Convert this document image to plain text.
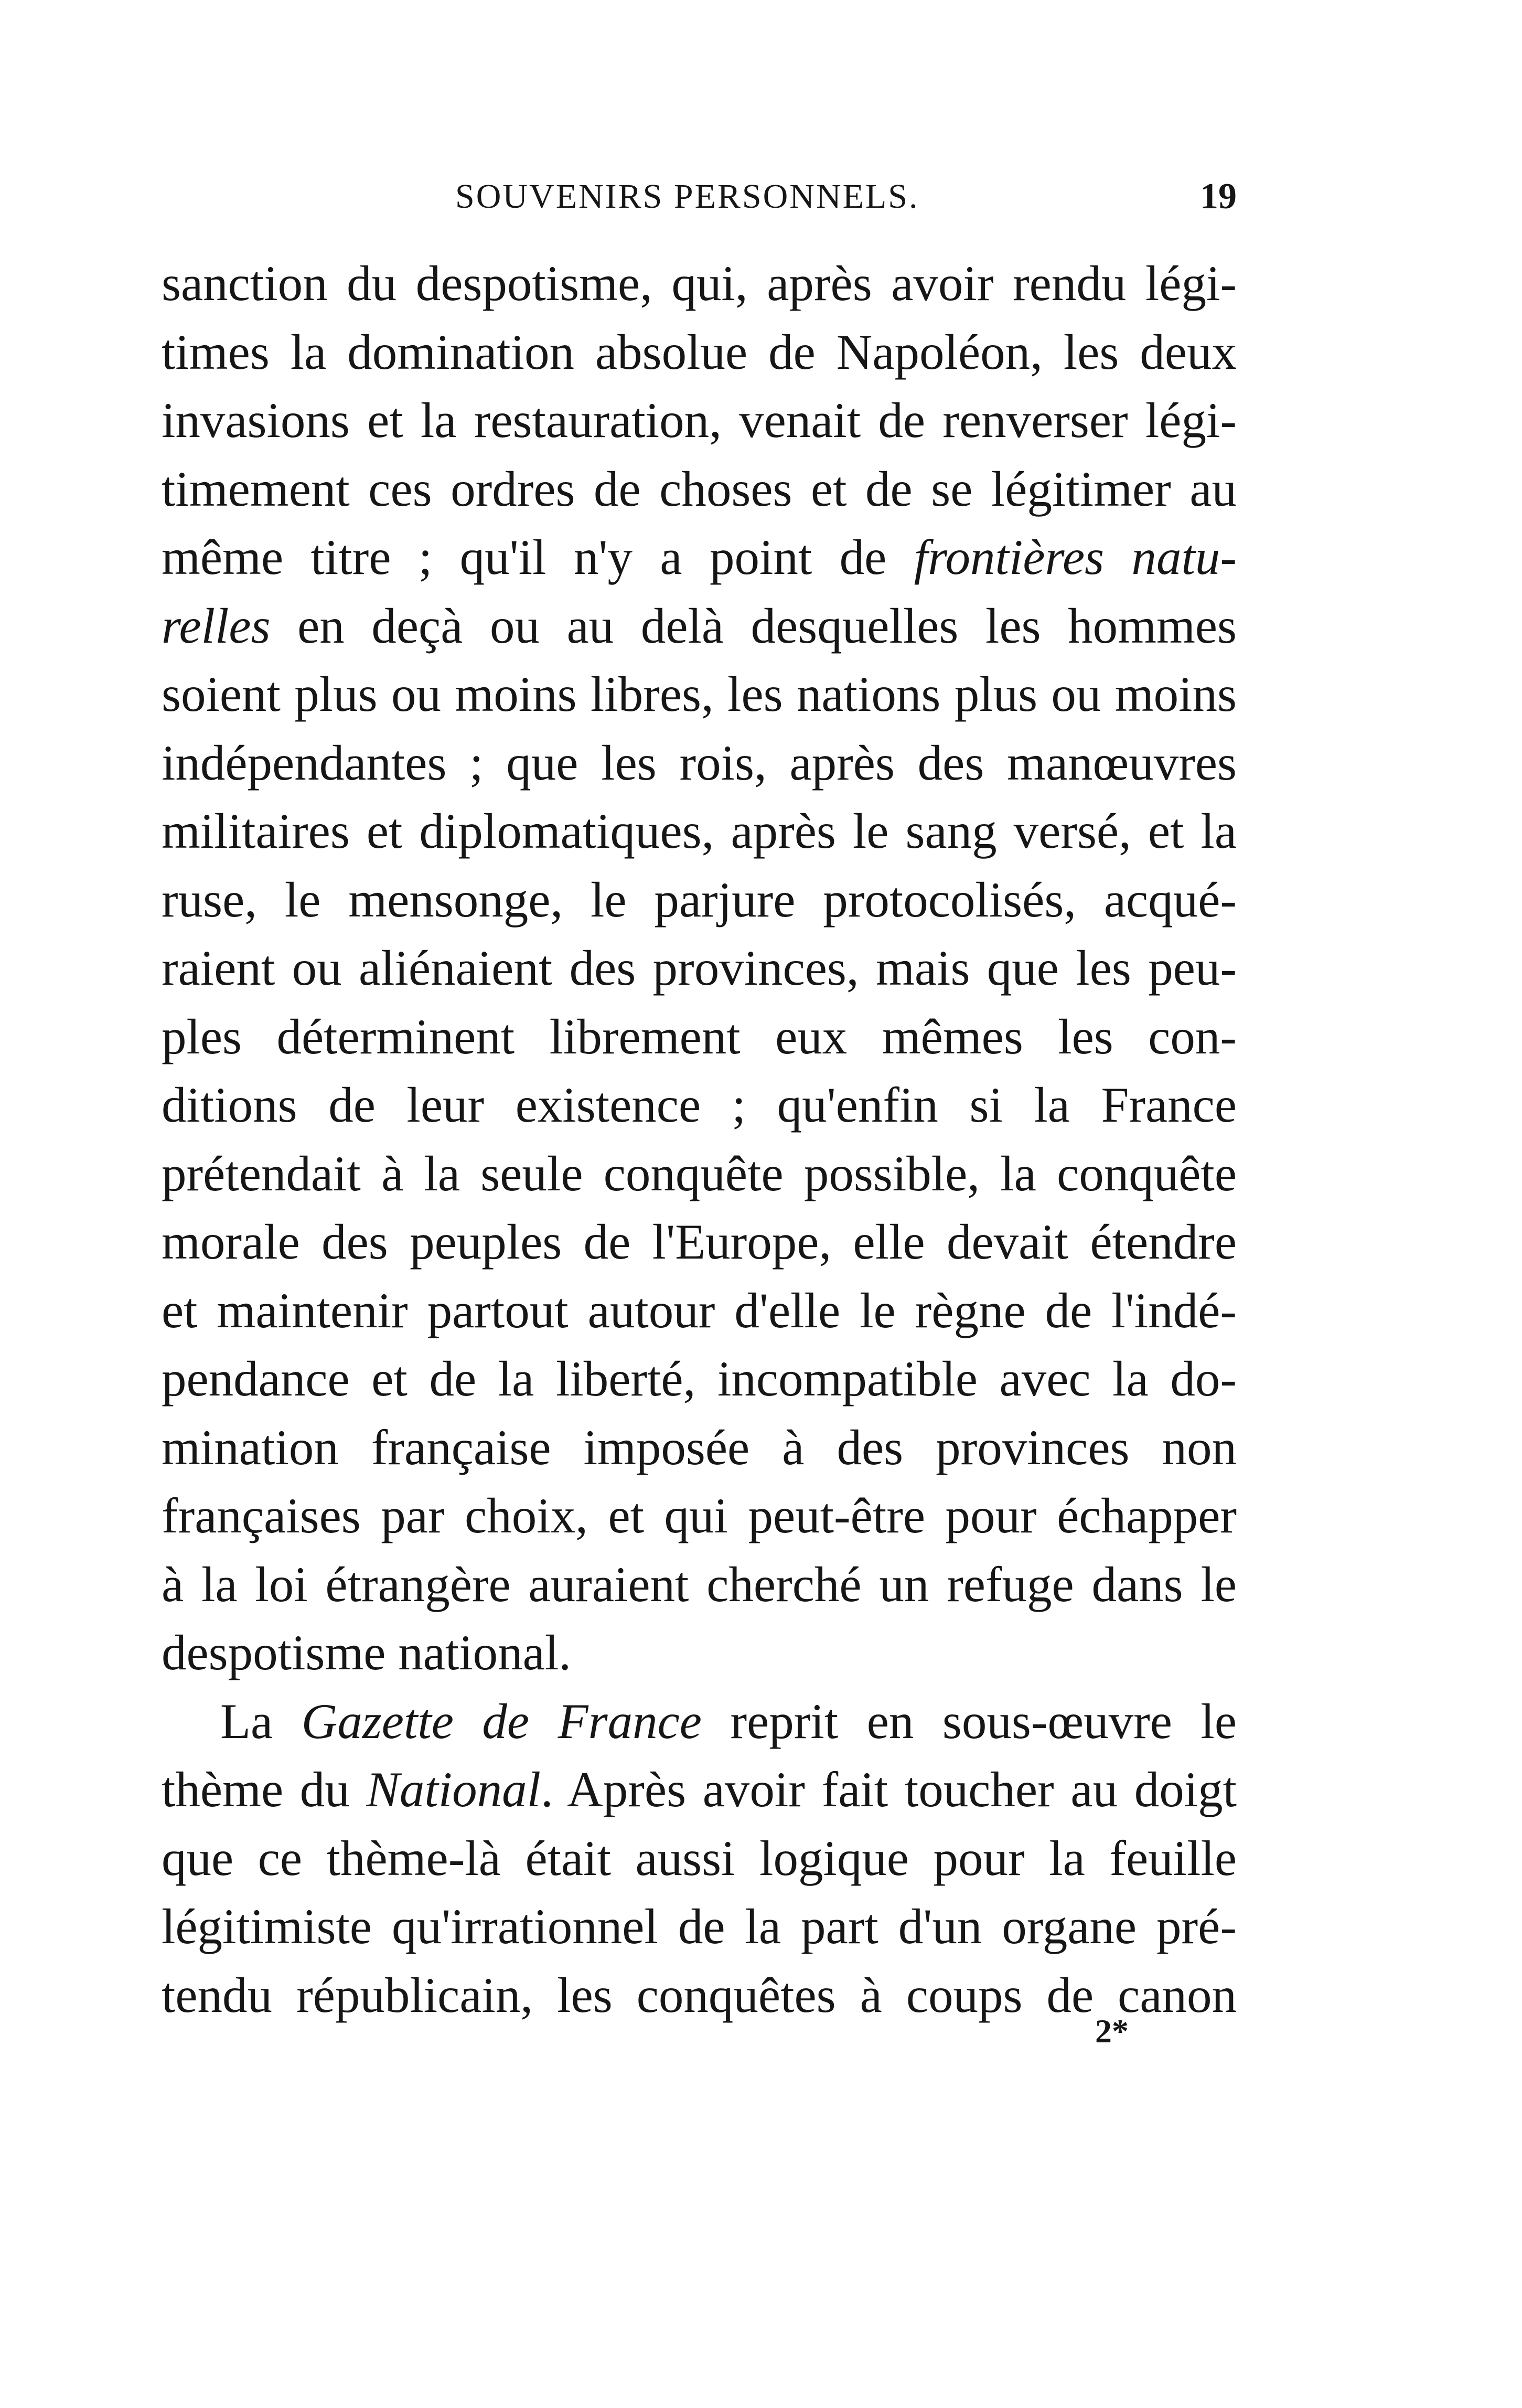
SOUVENIRS PERSONNELS.	19
sanction du despotisme, qui, après avoir rendu légi-
times la domination absolue de Napoléon, les deux
invasions et la restauration, venait de renverser légi-
timement ces ordres de choses et de se légitimer au
même titre ; qu'il n'y a point de frontières natu-
relles en deçà ou au delà desquelles les hommes
soient plus ou moins libres, les nations plus ou moins
indépendantes ; que les rois, après des manœuvres
militaires et diplomatiques, après le sang versé, et la
ruse, le mensonge, le parjure protocolisés, acqué-
raient ou aliénaient des provinces, mais que les peu-
ples déterminent librement eux mêmes les con-
ditions de leur existence ; qu'enfin si la France
prétendait à la seule conquête possible, la conquête
morale des peuples de l'Europe, elle devait étendre
et maintenir partout autour d'elle le règne de l'indé-
pendance et de la liberté, incompatible avec la do-
mination française imposée à des provinces non
françaises par choix, et qui peut-être pour échapper
à la loi étrangère auraient cherché un refuge dans le
despotisme national.
La Gazette de France reprit en sous-œuvre le
thème du National. Après avoir fait toucher au doigt
que ce thème-là était aussi logique pour la feuille
légitimiste qu'irrationnel de la part d'un organe pré-
tendu républicain, les conquêtes à coups de canon
2*
